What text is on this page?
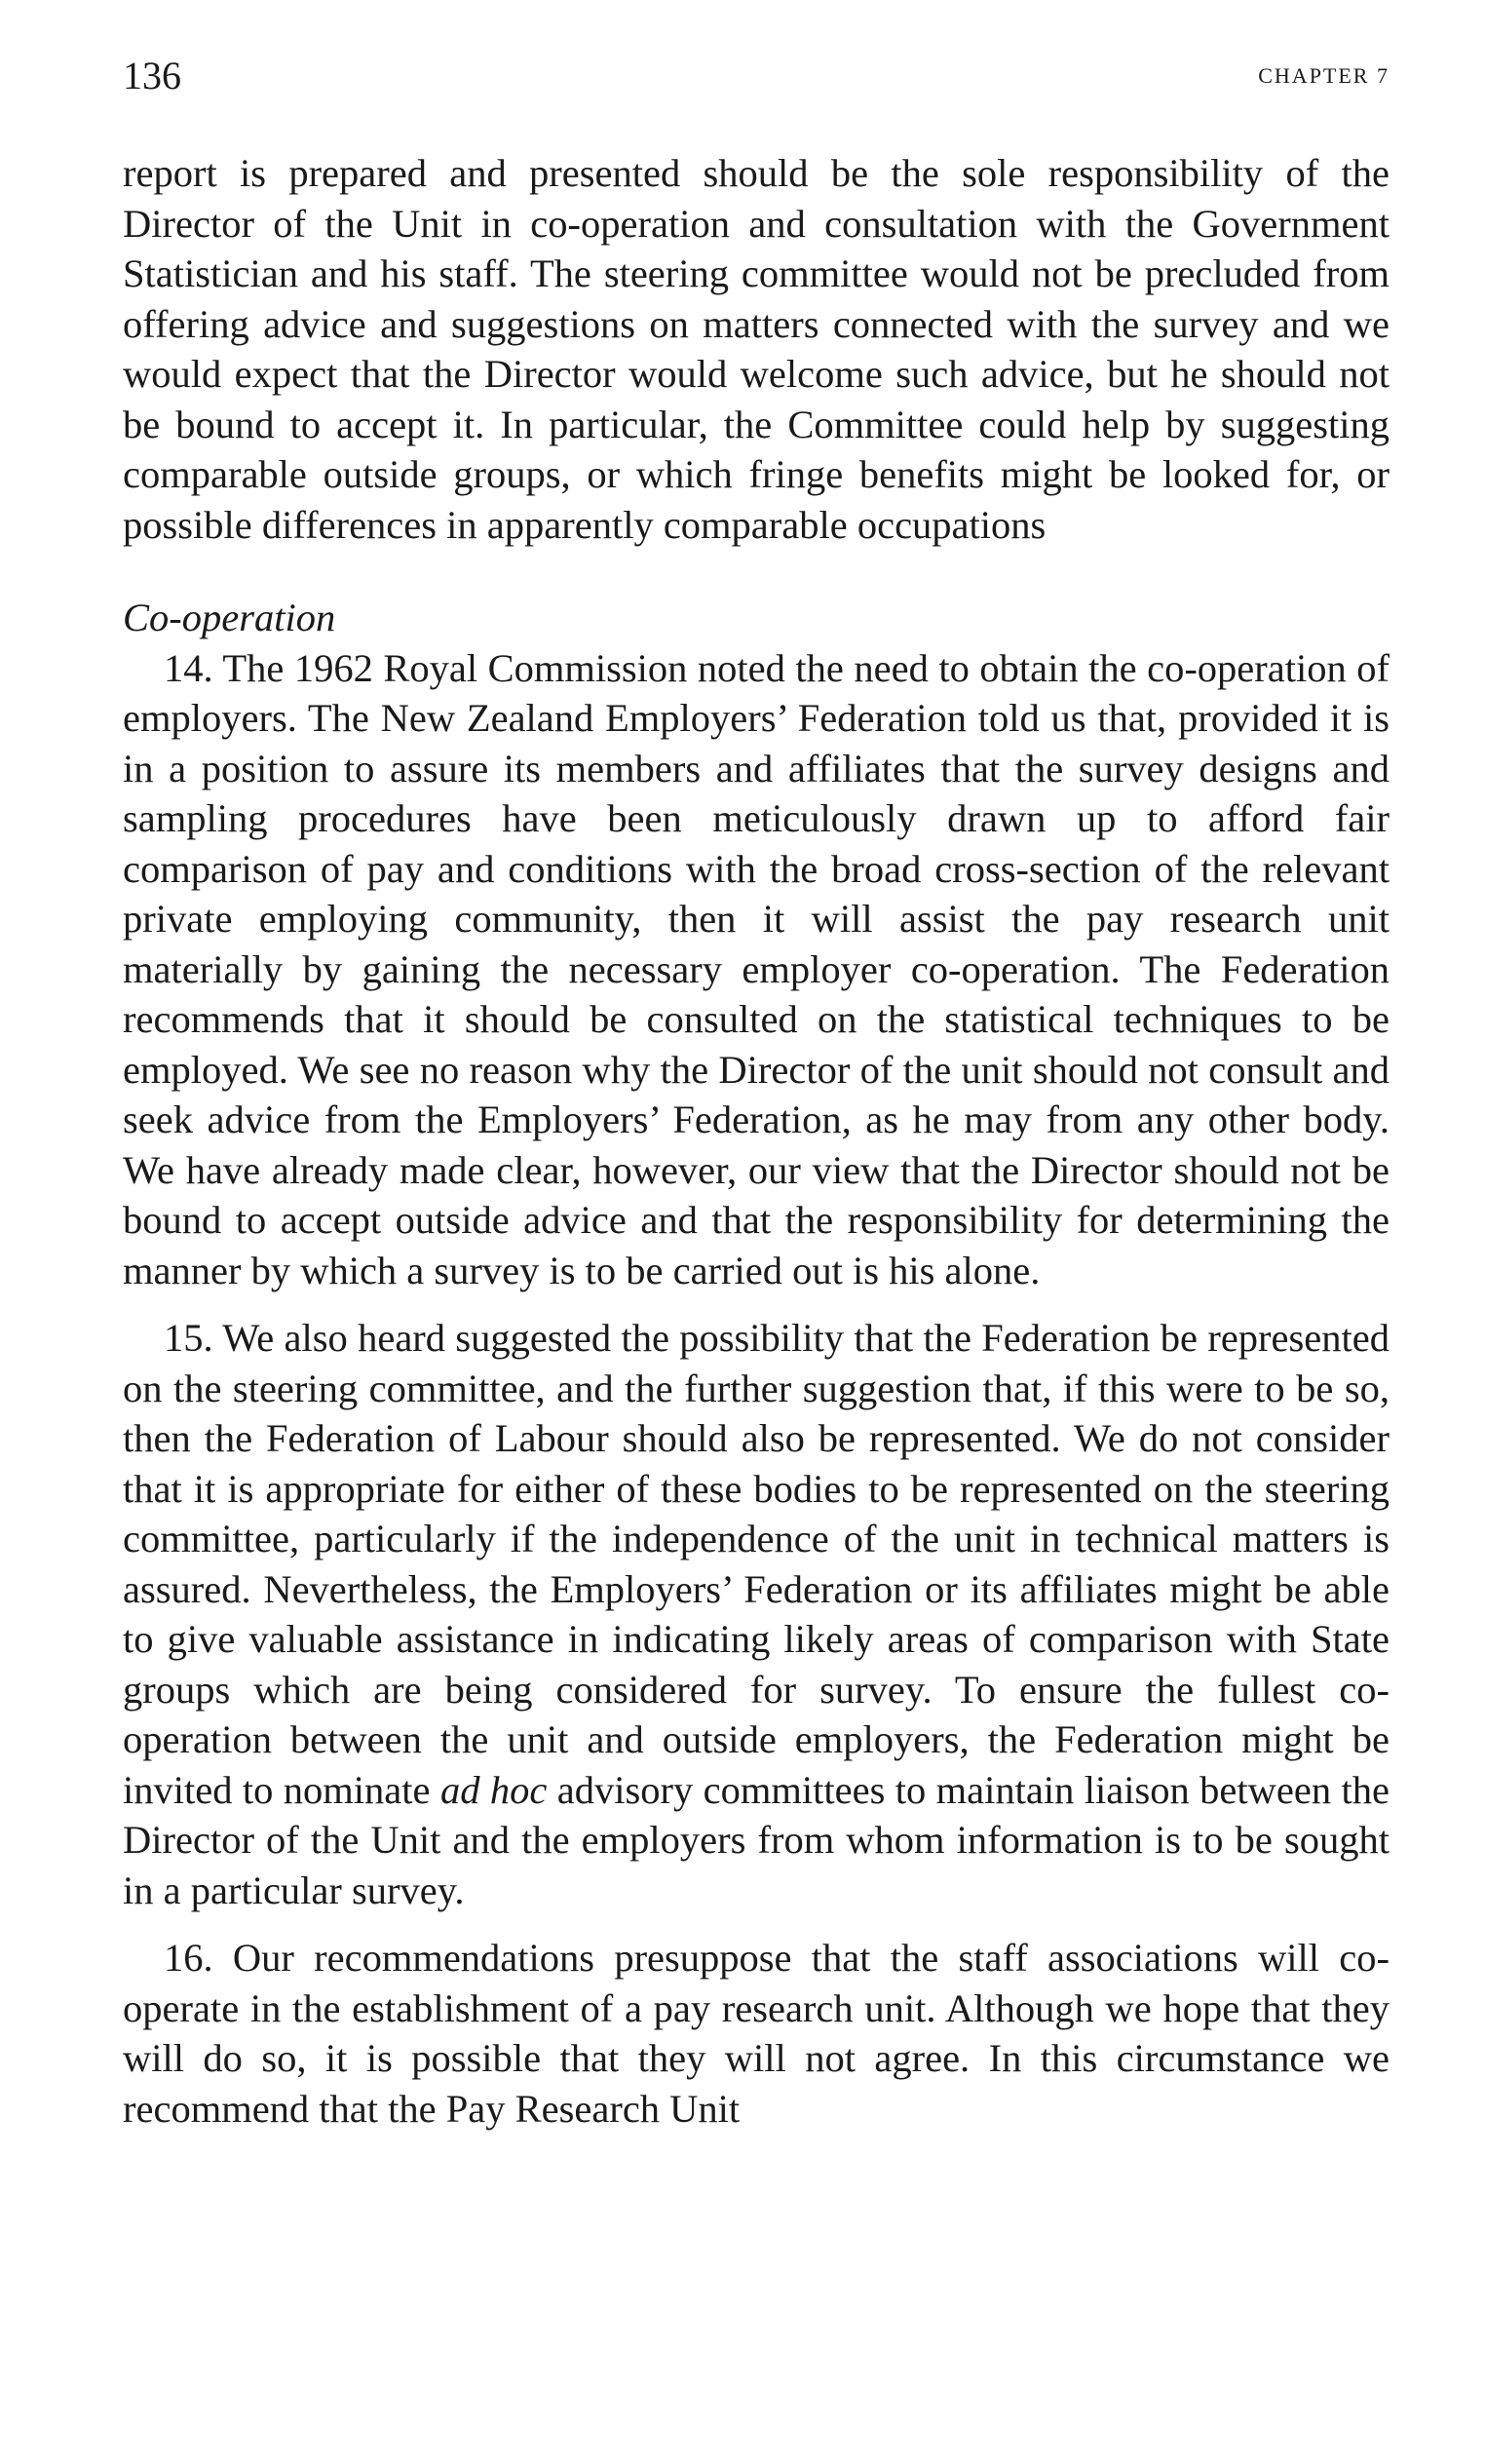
136	CHAPTER 7

report is prepared and presented should be the sole responsibility of the Director of the Unit in co-operation and consultation with the Government Statistician and his staff. The steering committee would not be precluded from offering advice and suggestions on matters connected with the survey and we would expect that the Director would welcome such advice, but he should not be bound to accept it. In particular, the Committee could help by suggesting comparable outside groups, or which fringe benefits might be looked for, or possible differences in apparently comparable occupations

Co-operation

14. The 1962 Royal Commission noted the need to obtain the co-operation of employers. The New Zealand Employers’ Federation told us that, provided it is in a position to assure its members and affiliates that the survey designs and sampling procedures have been meticulously drawn up to afford fair comparison of pay and conditions with the broad cross-section of the relevant private employing community, then it will assist the pay research unit materially by gaining the necessary employer co-operation. The Federation recommends that it should be consulted on the statistical techniques to be employed. We see no reason why the Director of the unit should not consult and seek advice from the Employers’ Federation, as he may from any other body. We have already made clear, however, our view that the Director should not be bound to accept outside advice and that the responsibility for determining the manner by which a survey is to be carried out is his alone.

15. We also heard suggested the possibility that the Federation be represented on the steering committee, and the further suggestion that, if this were to be so, then the Federation of Labour should also be represented. We do not consider that it is appropriate for either of these bodies to be represented on the steering committee, particularly if the independence of the unit in technical matters is assured. Nevertheless, the Employers’ Federation or its affiliates might be able to give valuable assistance in indicating likely areas of comparison with State groups which are being considered for survey. To ensure the fullest co-operation between the unit and outside employers, the Federation might be invited to nominate ad hoc advisory committees to maintain liaison between the Director of the Unit and the employers from whom information is to be sought in a particular survey.

16. Our recommendations presuppose that the staff associations will co-operate in the establishment of a pay research unit. Although we hope that they will do so, it is possible that they will not agree. In this circumstance we recommend that the Pay Research Unit
